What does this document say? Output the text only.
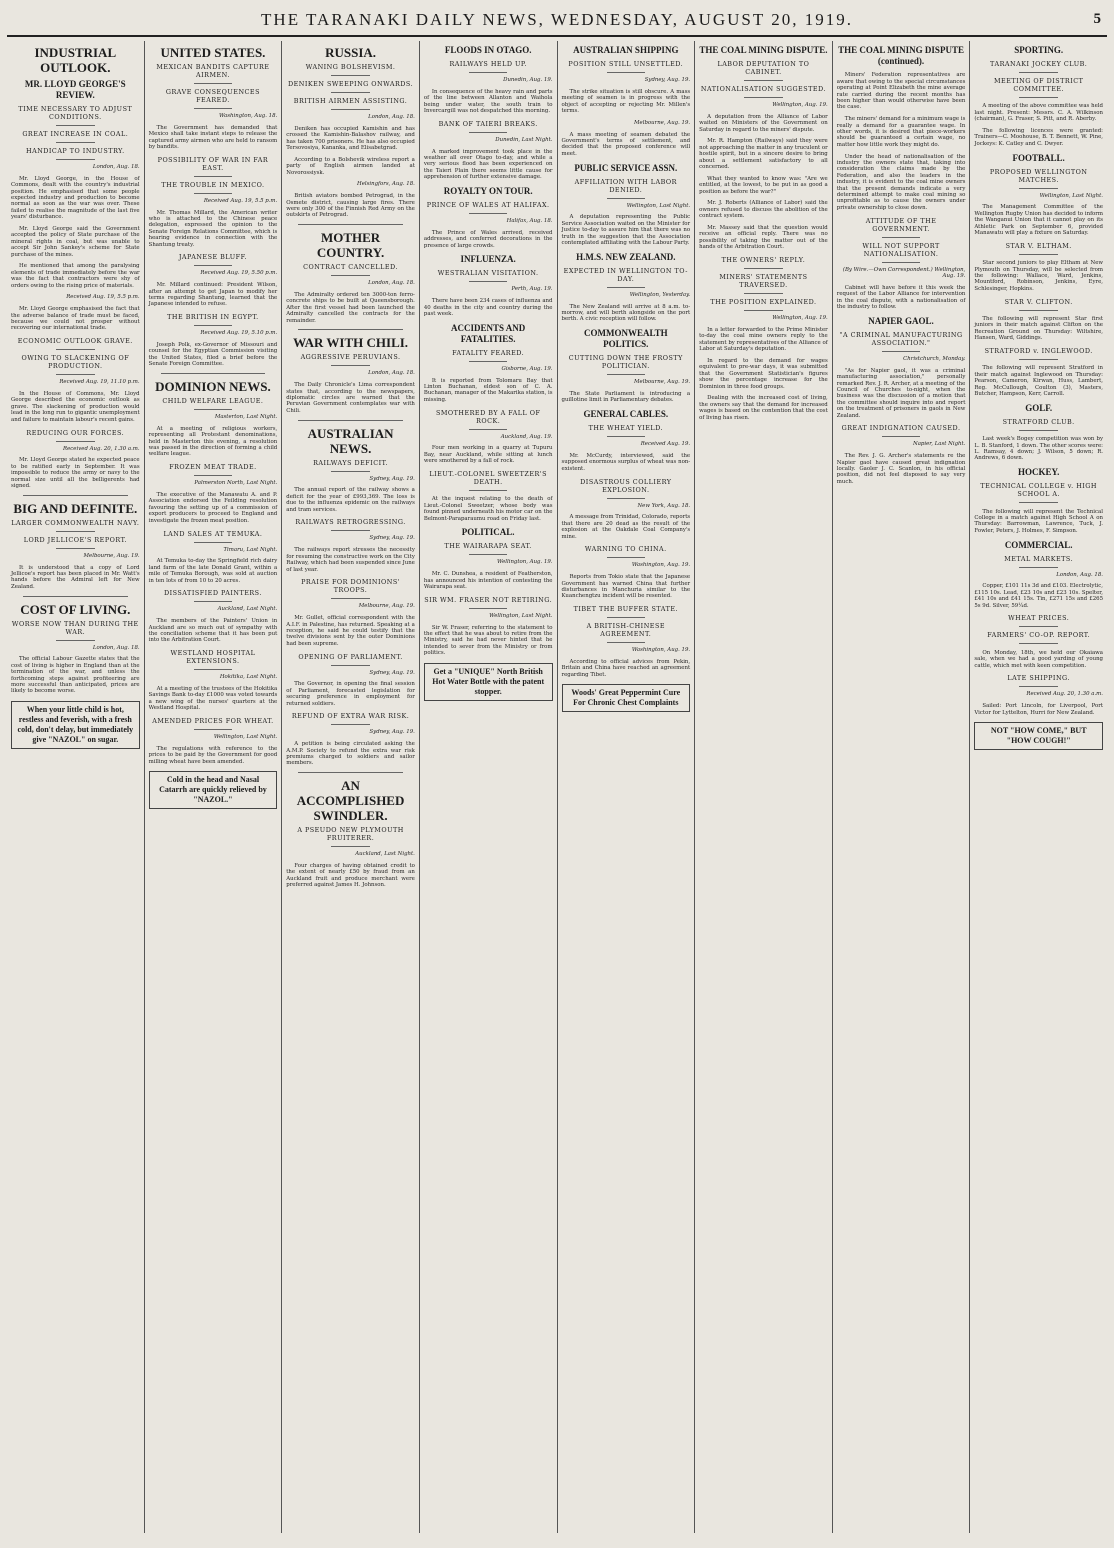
THE TARANAKI DAILY NEWS, WEDNESDAY, AUGUST 20, 1919.	5
INDUSTRIAL OUTLOOK.
MR. LLOYD GEORGE'S REVIEW.
TIME NECESSARY TO ADJUST CONDITIONS.
GREAT INCREASE IN COAL.
HANDICAP TO INDUSTRY.
London, Aug. 18.

Mr. Lloyd George, in the House of Commons, dealt with the country's industrial position. He emphasised that some people expected industry and production to become normal as soon as the war was over. These failed to realise the magnitude of the last five years' disturbance.

Mr. Lloyd George said the Government accepted the policy of State purchase of the mineral rights in coal, but was unable to accept Sir John Sankey's scheme for State purchase of the mines.

He mentioned that among the paralysing elements of trade immediately before the war was the fact that contractors were shy of orders owing to the rising price of materials.

Received Aug. 19, 5.5 p.m.

Mr. Lloyd George emphasised the fact that the adverse balance of trade must be faced, because we could not prosper without recovering our international trade.

ECONOMIC OUTLOOK GRAVE.
OWING TO SLACKENING OF PRODUCTION.
Received Aug. 19, 11.10 p.m.

In the House of Commons, Mr. Lloyd George described the economic outlook as grave. The slackening of production would lead in the long run to gigantic unemployment and failure to maintain labour's recent gains.

REDUCING OUR FORCES.
Received Aug. 20, 1.30 a.m.

Mr. Lloyd George stated he expected peace to be ratified early in September. It was impossible to reduce the army or navy to the normal size until all the belligerents had signed.

BIG AND DEFINITE.
LARGER COMMONWEALTH NAVY.
LORD JELLICOE'S REPORT.
Melbourne, Aug. 19.

It is understood that a copy of Lord Jellicoe's report has been placed in Mr. Watt's hands before the Admiral left for New Zealand.

COST OF LIVING.
WORSE NOW THAN DURING THE WAR.
London, Aug. 18.

The official Labour Gazette states that the cost of living is higher in England than at the termination of the war, and unless the forthcoming steps against profiteering are more successful than anticipated, prices are likely to become worse.

When your little child is hot, restless and feverish, with a fresh cold, don't delay, but immediately give "NAZOL" on sugar.
UNITED STATES.
MEXICAN BANDITS CAPTURE AIRMEN.
GRAVE CONSEQUENCES FEARED.
Washington, Aug. 18.

The Government has demanded that Mexico shall take instant steps to release the captured army airmen who are held to ransom by bandits.

POSSIBILITY OF WAR IN FAR EAST.
THE TROUBLE IN MEXICO.
Received Aug. 19, 5.5 p.m.

Mr. Thomas Millard, the American writer who is attached to the Chinese peace delegation, expressed the opinion to the Senate Foreign Relations Committee, which is hearing evidence in connection with the Shantung treaty.

JAPANESE BLUFF.
Received Aug. 19, 5.50 p.m.

Mr. Millard continued: President Wilson, after an attempt to get Japan to modify her terms regarding Shantung, learned that the Japanese intended to refuse.

THE BRITISH IN EGYPT.
Received Aug. 19, 5.10 p.m.

Joseph Polk, ex-Governor of Missouri and counsel for the Egyptian Commission visiting the United States, filed a brief before the Senate Foreign Committee.

DOMINION NEWS.
CHILD WELFARE LEAGUE.
Masterton, Last Night.

At a meeting of religious workers, representing all Protestant denominations, held in Masterton this evening, a resolution was passed in the direction of forming a child welfare league.

FROZEN MEAT TRADE.
Palmerston North, Last Night.

The executive of the Manawatu A. and P. Association endorsed the Feilding resolution favouring the setting up of a commission of export producers to proceed to England and investigate the frozen meat position.

LAND SALES AT TEMUKA.
Timaru, Last Night.

At Temuka to-day the Springfield rich dairy land farm of the late Donald Grant, within a mile of Temuka Borough, was sold at auction in ten lots of from 10 to 20 acres.

DISSATISFIED PAINTERS.
Auckland, Last Night.

The members of the Painters' Union in Auckland are so much out of sympathy with the conciliation scheme that it has been put into the Arbitration Court.

WESTLAND HOSPITAL EXTENSIONS.
Hokitika, Last Night.

At a meeting of the trustees of the Hokitika Savings Bank to-day £1000 was voted towards a new wing of the nurses' quarters at the Westland Hospital.

AMENDED PRICES FOR WHEAT.
Wellington, Last Night.

The regulations with reference to the prices to be paid by the Government for good milling wheat have been amended.

Cold in the head and Nasal Catarrh are quickly relieved by "NAZOL."
RUSSIA.
WANING BOLSHEVISM.
DENIKEN SWEEPING ONWARDS.
BRITISH AIRMEN ASSISTING.
London, Aug. 18.

Deniken has occupied Kamishin and has crossed the Kamishin-Balashov railway, and has taken 700 prisoners. He has also occupied Tersovosiya, Kananka, and Elisabetgrad.

According to a Bolshevik wireless report a party of English airmen landed at Novorossiysk.

Helsingfors, Aug. 18.

British aviators bombed Petrograd, in the Osmete district, causing large fires. There were only 300 of the Finnish Red Army on the outskirts of Petrograd.

MOTHER COUNTRY.
CONTRACT CANCELLED.
London, Aug. 18.

The Admiralty ordered ten 3000-ton ferro-concrete ships to be built at Queensborough. After the first vessel had been launched the Admiralty cancelled the contracts for the remainder.

WAR WITH CHILI.
AGGRESSIVE PERUVIANS.
London, Aug. 18.

The Daily Chronicle's Lima correspondent states that, according to the newspapers, diplomatic circles are warned that the Peruvian Government contemplates war with Chili.

AUSTRALIAN NEWS.
RAILWAYS DEFICIT.
Sydney, Aug. 19.

The annual report of the railway shows a deficit for the year of £993,369. The loss is due to the influenza epidemic on the railways and tram services.

RAILWAYS RETROGRESSING.
Sydney, Aug. 19.

The railways report stresses the necessity for resuming the constructive work on the City Railway, which had been suspended since June of last year.

PRAISE FOR DOMINIONS' TROOPS.
Melbourne, Aug. 19.

Mr. Gullet, official correspondent with the A.I.F. in Palestine, has returned. Speaking at a reception, he said he could testify that the twelve divisions sent by the outer Dominions had been supreme.

OPENING OF PARLIAMENT.
Sydney, Aug. 19.

The Governor, in opening the final session of Parliament, forecasted legislation for securing preference in employment for returned soldiers.

REFUND OF EXTRA WAR RISK.
Sydney, Aug. 19.

A petition is being circulated asking the A.M.P. Society to refund the extra war risk premiums charged to soldiers and sailor members.

AN ACCOMPLISHED SWINDLER.
A PSEUDO NEW PLYMOUTH FRUITERER.
Auckland, Last Night.

Four charges of having obtained credit to the extent of nearly £50 by fraud from an Auckland fruit and produce merchant were preferred against James H. Johnson.

FLOODS IN OTAGO.
RAILWAYS HELD UP.
Dunedin, Aug. 19.

In consequence of the heavy rain and parts of the line between Allanton and Waihola being under water, the south train to Invercargill was not despatched this morning.

BANK OF TAIERI BREAKS.
Dunedin, Last Night.

A marked improvement took place in the weather all over Otago to-day, and while a very serious flood has been experienced on the Taieri Plain there seems little cause for apprehension of further extensive damage.

ROYALTY ON TOUR.
PRINCE OF WALES AT HALIFAX.
Halifax, Aug. 18.

The Prince of Wales arrived, received addresses, and conferred decorations in the presence of large crowds.

INFLUENZA.
WESTRALIAN VISITATION.
Perth, Aug. 19.

There have been 234 cases of influenza and 40 deaths in the city and country during the past week.

ACCIDENTS AND FATALITIES.
FATALITY FEARED.
Gisborne, Aug. 19.

It is reported from Tolomaru Bay that Linton Buchanan, eldest son of C. A. Buchanan, manager of the Makarika station, is missing.

SMOTHERED BY A FALL OF ROCK.
Auckland, Aug. 19.

Four men working in a quarry at Tupuru Bay, near Auckland, while sitting at lunch were smothered by a fall of rock.

LIEUT.-COLONEL SWEETZER'S DEATH.

At the inquest relating to the death of Lieut.-Colonel Sweetzer, whose body was found pinned underneath his motor car on the Belmont-Paraparaumu road on Friday last.

POLITICAL.
THE WAIRARAPA SEAT.
Wellington, Aug. 19.

Mr. C. Dunshea, a resident of Featherston, has announced his intention of contesting the Wairarapa seat.

SIR WM. FRASER NOT RETIRING.
Wellington, Last Night.

Sir W. Fraser, referring to the statement to the effect that he was about to retire from the Ministry, said he had never hinted that he intended to sever from the Ministry or from politics.

Get a "UNIQUE" North British Hot Water Bottle with the patent stopper.
AUSTRALIAN SHIPPING
POSITION STILL UNSETTLED.
Sydney, Aug. 19.

The strike situation is still obscure. A mass meeting of seamen is in progress with the object of accepting or rejecting Mr. Millen's terms.

Melbourne, Aug. 19.

A mass meeting of seamen debated the Government's terms of settlement, and decided that the proposed conference will meet.

PUBLIC SERVICE ASSN.
AFFILIATION WITH LABOR DENIED.
Wellington, Last Night.

A deputation representing the Public Service Association waited on the Minister for Justice to-day to assure him that there was no truth in the suggestion that the Association contemplated affiliating with the Labour Party.

H.M.S. NEW ZEALAND.
EXPECTED IN WELLINGTON TO-DAY.
Wellington, Yesterday.

The New Zealand will arrive at 8 a.m. to-morrow, and will berth alongside on the port berth. A civic reception will follow.

COMMONWEALTH POLITICS.
CUTTING DOWN THE FROSTY POLITICIAN.
Melbourne, Aug. 19.

The State Parliament is introducing a guillotine limit in Parliamentary debates.

GENERAL CABLES.
THE WHEAT YIELD.
Received Aug. 19.

Mr. McCurdy, interviewed, said the supposed enormous surplus of wheat was non-existent.

DISASTROUS COLLIERY EXPLOSION.
New York, Aug. 18.

A message from Trinidad, Colorado, reports that there are 20 dead as the result of the explosion at the Oakdale Coal Company's mine.

WARNING TO CHINA.
Washington, Aug. 19.

Reports from Tokio state that the Japanese Government has warned China that further disturbances in Manchuria similar to the Kuanchengtzu incident will be resented.

TIBET THE BUFFER STATE.
A BRITISH-CHINESE AGREEMENT.
Washington, Aug. 19.

According to official advices from Pekin, Britain and China have reached an agreement regarding Tibet.

Woods' Great Peppermint Cure For Chronic Chest Complaints
THE COAL MINING DISPUTE.
LABOR DEPUTATION TO CABINET.
NATIONALISATION SUGGESTED.
Wellington, Aug. 19.

A deputation from the Alliance of Labor waited on Ministers of the Government on Saturday in regard to the miners' dispute.

Mr. R. Hampton (Railways) said they were not approaching the matter in any truculent or hostile spirit, but in a sincere desire to bring about a settlement satisfactory to all concerned.

What they wanted to know was: "Are we entitled, at the lowest, to be put in as good a position as before the war?"

Mr. J. Roberts (Alliance of Labor) said the owners refused to discuss the abolition of the contract system.

Mr. Massey said that the question would receive an official reply. There was no possibility of taking the matter out of the hands of the Arbitration Court.

THE OWNERS' REPLY.
MINERS' STATEMENTS TRAVERSED.
THE POSITION EXPLAINED.
Wellington, Aug. 19.

In a letter forwarded to the Prime Minister to-day the coal mine owners reply to the statement by representatives of the Alliance of Labor at Saturday's deputation.

In regard to the demand for wages equivalent to pre-war days, it was submitted that the Government Statistician's figures show the percentage increase for the Dominion in three food groups.

Dealing with the increased cost of living, the owners say that the demand for increased wages is based on the contention that the cost of living has risen.

THE COAL MINING DISPUTE (continued).

Miners' Federation representatives are aware that owing to the special circumstances operating at Point Elizabeth the mine average rate carried during the recent months has been higher than would otherwise have been the case.

The miners' demand for a minimum wage is really a demand for a guarantee wage. In other words, it is desired that piece-workers should be guaranteed a certain wage, no matter how little work they might do.

Under the head of nationalisation of the industry the owners state that, taking into consideration the claims made by the Federation, and also the leaders in the industry, it is evident to the coal mine owners that the present demands indicate a very determined attempt to make coal mining so unprofitable as to cause the owners under private ownership to close down.

ATTITUDE OF THE GOVERNMENT.
WILL NOT SUPPORT NATIONALISATION.
(By Wire.—Own Correspondent.) Wellington, Aug. 19.

Cabinet will have before it this week the request of the Labor Alliance for intervention in the coal dispute, with a nationalisation of the industry to follow.

NAPIER GAOL.
"A CRIMINAL MANUFACTURING ASSOCIATION."
Christchurch, Monday.

"As for Napier gaol, it was a criminal manufacturing association," personally remarked Rev. J. R. Archer, at a meeting of the Council of Churches to-night, when the business was the discussion of a motion that the committee should inquire into and report on the treatment of prisoners in gaols in New Zealand.

GREAT INDIGNATION CAUSED.
Napier, Last Night.

The Rev. J. G. Archer's statements re the Napier gaol have caused great indignation locally. Gaoler J. C. Scanlon, in his official position, did not feel disposed to say very much.

SPORTING.
TARANAKI JOCKEY CLUB.
MEETING OF DISTRICT COMMITTEE.

A meeting of the above committee was held last night. Present: Messrs. C. A. Wilkinson (chairman), G. Fraser, S. Pitt, and R. Aberby.

The following licences were granted: Trainers—C. Moohouse, B. T. Bennett, W. Pine, Jockeys: K. Catley and C. Dwyer.

FOOTBALL.
PROPOSED WELLINGTON MATCHES.
Wellington, Last Night.

The Management Committee of the Wellington Rugby Union has decided to inform the Wanganui Union that it cannot play on its Athletic Park on September 6, provided Manawatu will play a fixture on Saturday.

STAR V. ELTHAM.

Star second juniors to play Eltham at New Plymouth on Thursday, will be selected from the following: Wallace, Ward, Jenkins, Mountford, Robinson, Jenkins, Eyre, Schlesinger, Hopkins.

STAR V. CLIFTON.

The following will represent Star first juniors in their match against Clifton on the Recreation Ground on Thursday: Wiltshire, Hansen, Ward, Giddings.

STRATFORD v. INGLEWOOD.

The following will represent Stratford in their match against Inglewood on Thursday: Pearson, Cameron, Kirwan, Huss, Lambert, Reg. McCullough, Coulton (3), Masters, Butcher, Hampson, Kerr, Carroll.

GOLF.
STRATFORD CLUB.

Last week's Bogey competition was won by L. B. Stanford, 1 down. The other scores were: L. Ramsay, 4 down; J. Wilson, 5 down; R. Andrews, 6 down.

HOCKEY.
TECHNICAL COLLEGE v. HIGH SCHOOL A.

The following will represent the Technical College in a match against High School A on Thursday: Barrowman, Lawrence, Tuck, J. Fowler, Peters, J. Holmes, F. Simpson.

COMMERCIAL.
METAL MARKETS.
London, Aug. 18.

Copper, £101 11s 3d and £103. Electrolytic, £115 10s. Lead, £23 10s and £23 10s. Spelter, £41 10s and £41 15s. Tin, £271 15s and £265 5s 9d. Silver, 59¼d.

WHEAT PRICES.
FARMERS' CO-OP. REPORT.

On Monday, 18th, we held our Okaiawa sale, when we had a good yarding of young cattle, which met with keen competition.

LATE SHIPPING.
Received Aug. 20, 1.30 a.m.

Sailed: Port Lincoln, for Liverpool, Port Victor for Lyttelton, Hurri for New Zealand.

NOT "HOW COME," BUT "HOW COUGH!"
